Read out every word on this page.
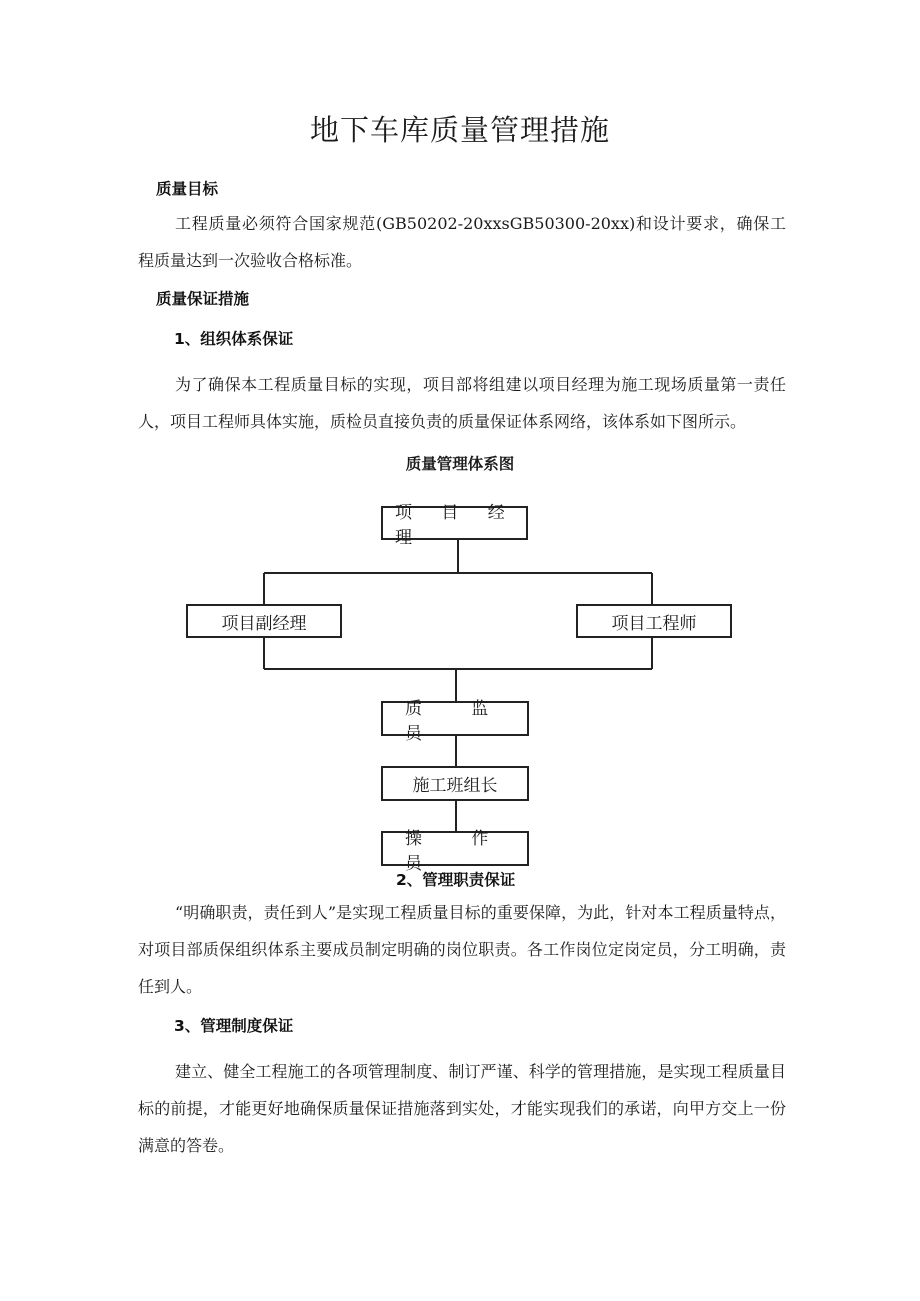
地下车库质量管理措施
质量目标
工程质量必须符合国家规范(GB50202-20xxsGB50300-20xx)和设计要求，确保工程质量达到一次验收合格标准。
质量保证措施
1、组织体系保证
为了确保本工程质量目标的实现，项目部将组建以项目经理为施工现场质量第一责任人，项目工程师具体实施，质检员直接负责的质量保证体系网络，该体系如下图所示。
质量管理体系图
项 目 经 理
项目副经理	项目工程师
质 监 员
施工班组长
操 作 员
2、管理职责保证
“明确职责，责任到人”是实现工程质量目标的重要保障，为此，针对本工程质量特点，对项目部质保组织体系主要成员制定明确的岗位职责。各工作岗位定岗定员，分工明确，责任到人。
3、管理制度保证
建立、健全工程施工的各项管理制度、制订严谨、科学的管理措施，是实现工程质量目标的前提，才能更好地确保质量保证措施落到实处，才能实现我们的承诺，向甲方交上一份满意的答卷。
